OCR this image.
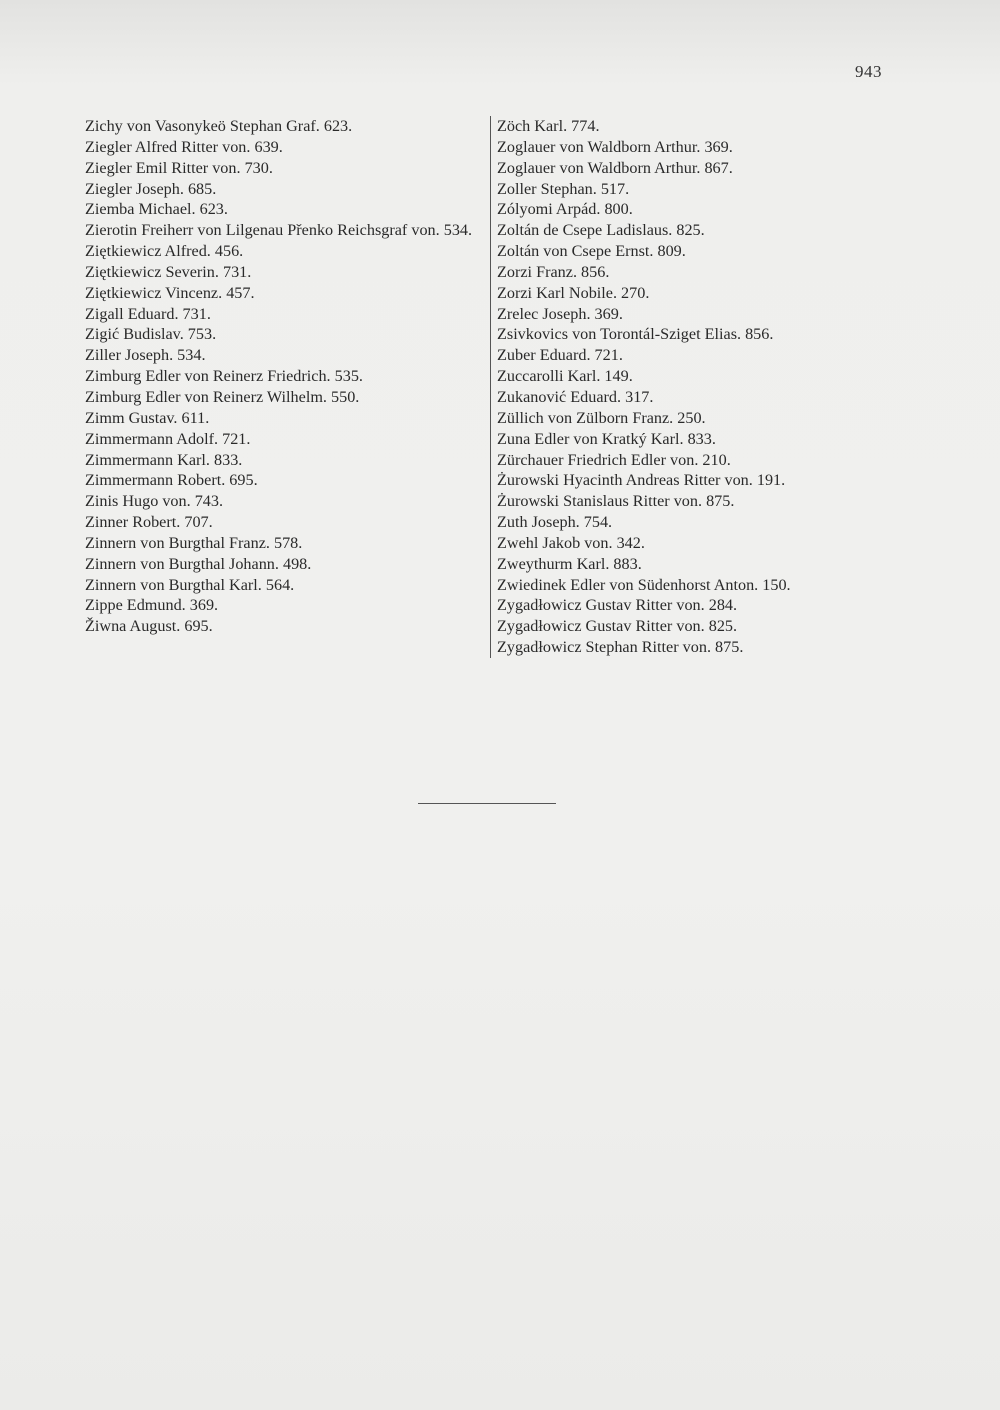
943
Zichy von Vasonykeö Stephan Graf. 623.
Ziegler Alfred Ritter von. 639.
Ziegler Emil Ritter von. 730.
Ziegler Joseph. 685.
Ziemba Michael. 623.
Zierotin Freiherr von Lilgenau Přenko Reichsgraf von. 534.
Ziętkiewicz Alfred. 456.
Ziętkiewicz Severin. 731.
Ziętkiewicz Vincenz. 457.
Zigall Eduard. 731.
Zigić Budislav. 753.
Ziller Joseph. 534.
Zimburg Edler von Reinerz Friedrich. 535.
Zimburg Edler von Reinerz Wilhelm. 550.
Zimm Gustav. 611.
Zimmermann Adolf. 721.
Zimmermann Karl. 833.
Zimmermann Robert. 695.
Zinis Hugo von. 743.
Zinner Robert. 707.
Zinnern von Burgthal Franz. 578.
Zinnern von Burgthal Johann. 498.
Zinnern von Burgthal Karl. 564.
Zippe Edmund. 369.
Žiwna August. 695.
Zöch Karl. 774.
Zoglauer von Waldborn Arthur. 369.
Zoglauer von Waldborn Arthur. 867.
Zoller Stephan. 517.
Zólyomi Arpád. 800.
Zoltán de Csepe Ladislaus. 825.
Zoltán von Csepe Ernst. 809.
Zorzi Franz. 856.
Zorzi Karl Nobile. 270.
Zrelec Joseph. 369.
Zsivkovics von Torontál-Sziget Elias. 856.
Zuber Eduard. 721.
Zuccarolli Karl. 149.
Zukanović Eduard. 317.
Züllich von Zülborn Franz. 250.
Zuna Edler von Kratký Karl. 833.
Zürchauer Friedrich Edler von. 210.
Żurowski Hyacinth Andreas Ritter von. 191.
Żurowski Stanislaus Ritter von. 875.
Zuth Joseph. 754.
Zwehl Jakob von. 342.
Zweythurm Karl. 883.
Zwiedinek Edler von Südenhorst Anton. 150.
Zygadłowicz Gustav Ritter von. 284.
Zygadłowicz Gustav Ritter von. 825.
Zygadłowicz Stephan Ritter von. 875.
